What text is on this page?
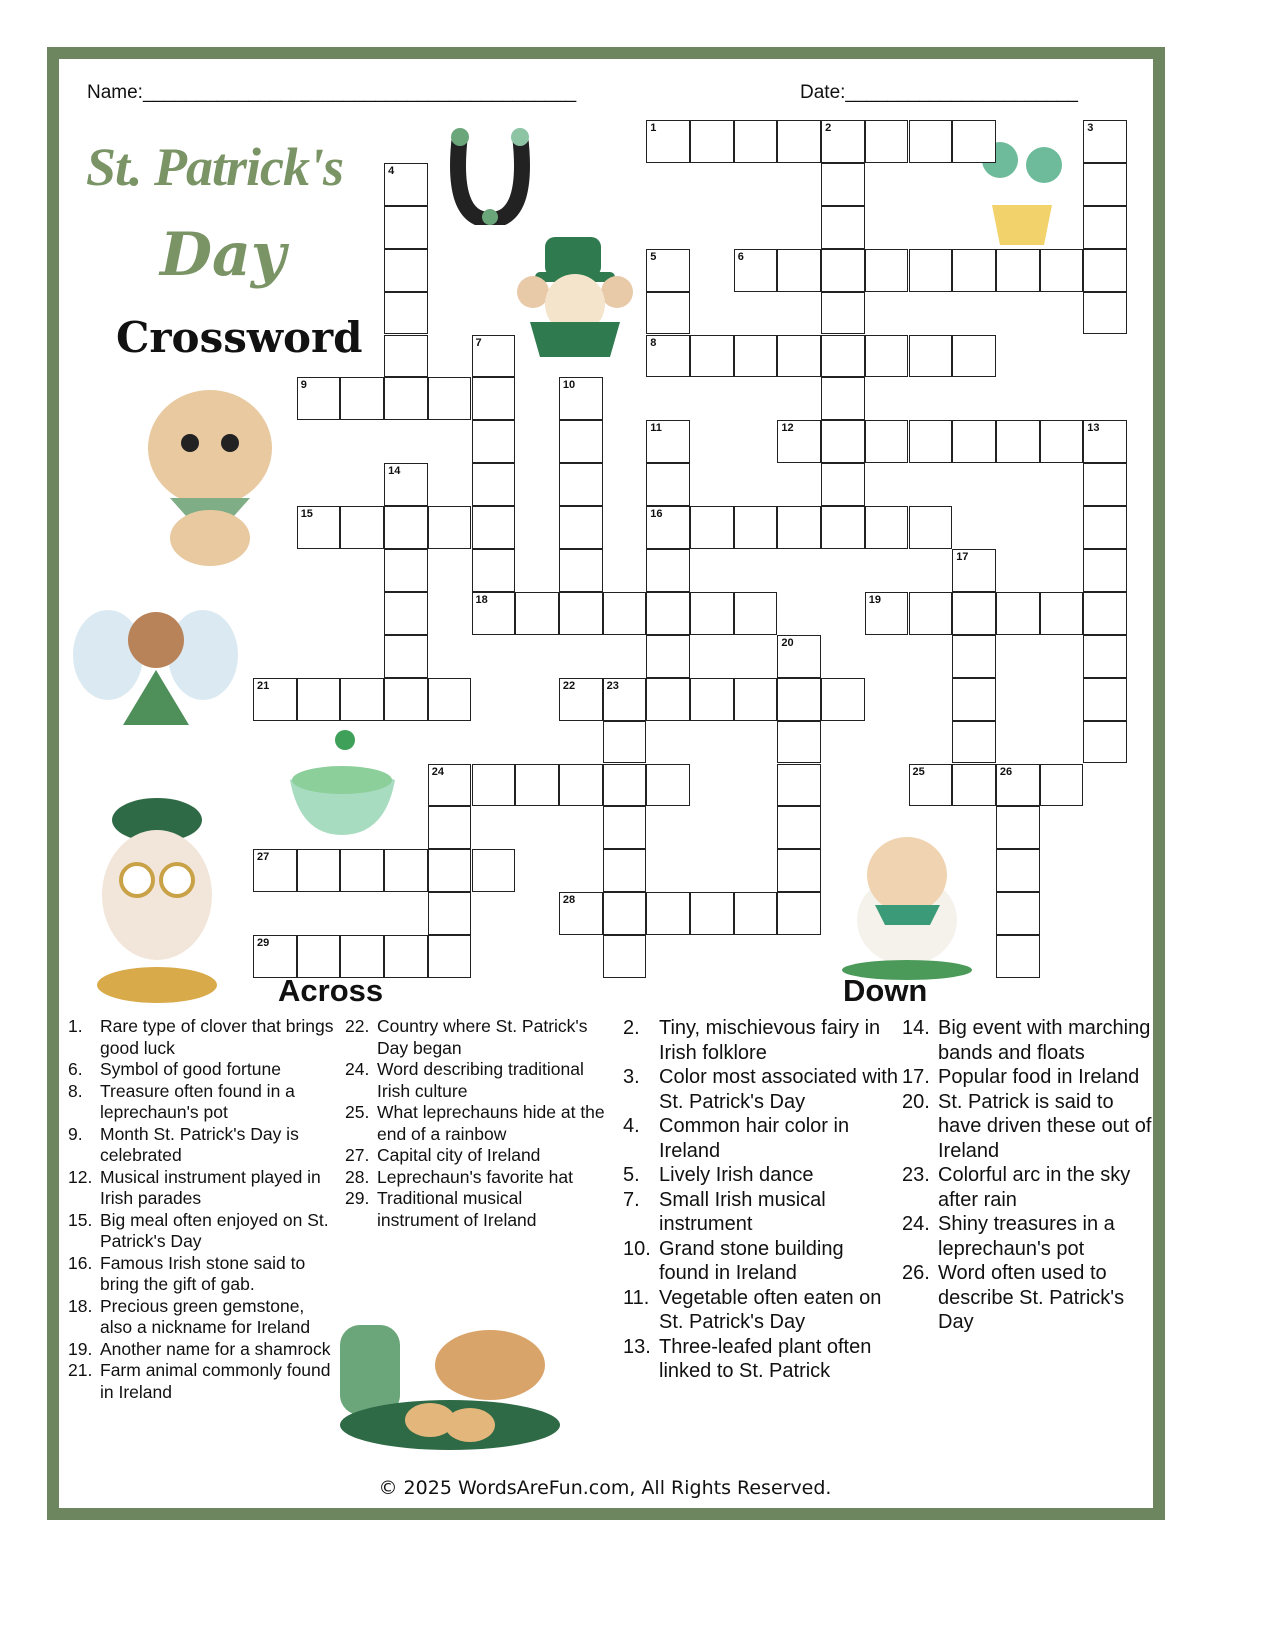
Name:_________________________________________	Date:______________________
St. Patrick's
Day
Crossword
1	2	3
4
5
8
6
7
18
9	10
11
16
12	13
14
15
17
19
20
21	22	23
24	25	26
27
28
29
Across	Down
1. Rare type of clover that brings good luck
6. Symbol of good fortune
8. Treasure often found in a leprechaun's pot
9. Month St. Patrick's Day is celebrated
12. Musical instrument played in Irish parades
15. Big meal often enjoyed on St. Patrick's Day
16. Famous Irish stone said to bring the gift of gab.
18. Precious green gemstone, also a nickname for Ireland
19. Another name for a shamrock
21. Farm animal commonly found in Ireland
22. Country where St. Patrick's Day began
24. Word describing traditional Irish culture
25. What leprechauns hide at the end of a rainbow
27. Capital city of Ireland
28. Leprechaun's favorite hat
29. Traditional musical instrument of Ireland
2. Tiny, mischievous fairy in Irish folklore
3. Color most associated with St. Patrick's Day
4. Common hair color in Ireland
5. Lively Irish dance
7. Small Irish musical instrument
10. Grand stone building found in Ireland
11. Vegetable often eaten on St. Patrick's Day
13. Three-leafed plant often linked to St. Patrick
14. Big event with marching bands and floats
17. Popular food in Ireland
20. St. Patrick is said to have driven these out of Ireland
23. Colorful arc in the sky after rain
24. Shiny treasures in a leprechaun's pot
26. Word often used to describe St. Patrick's Day
© 2025 WordsAreFun.com, All Rights Reserved.
